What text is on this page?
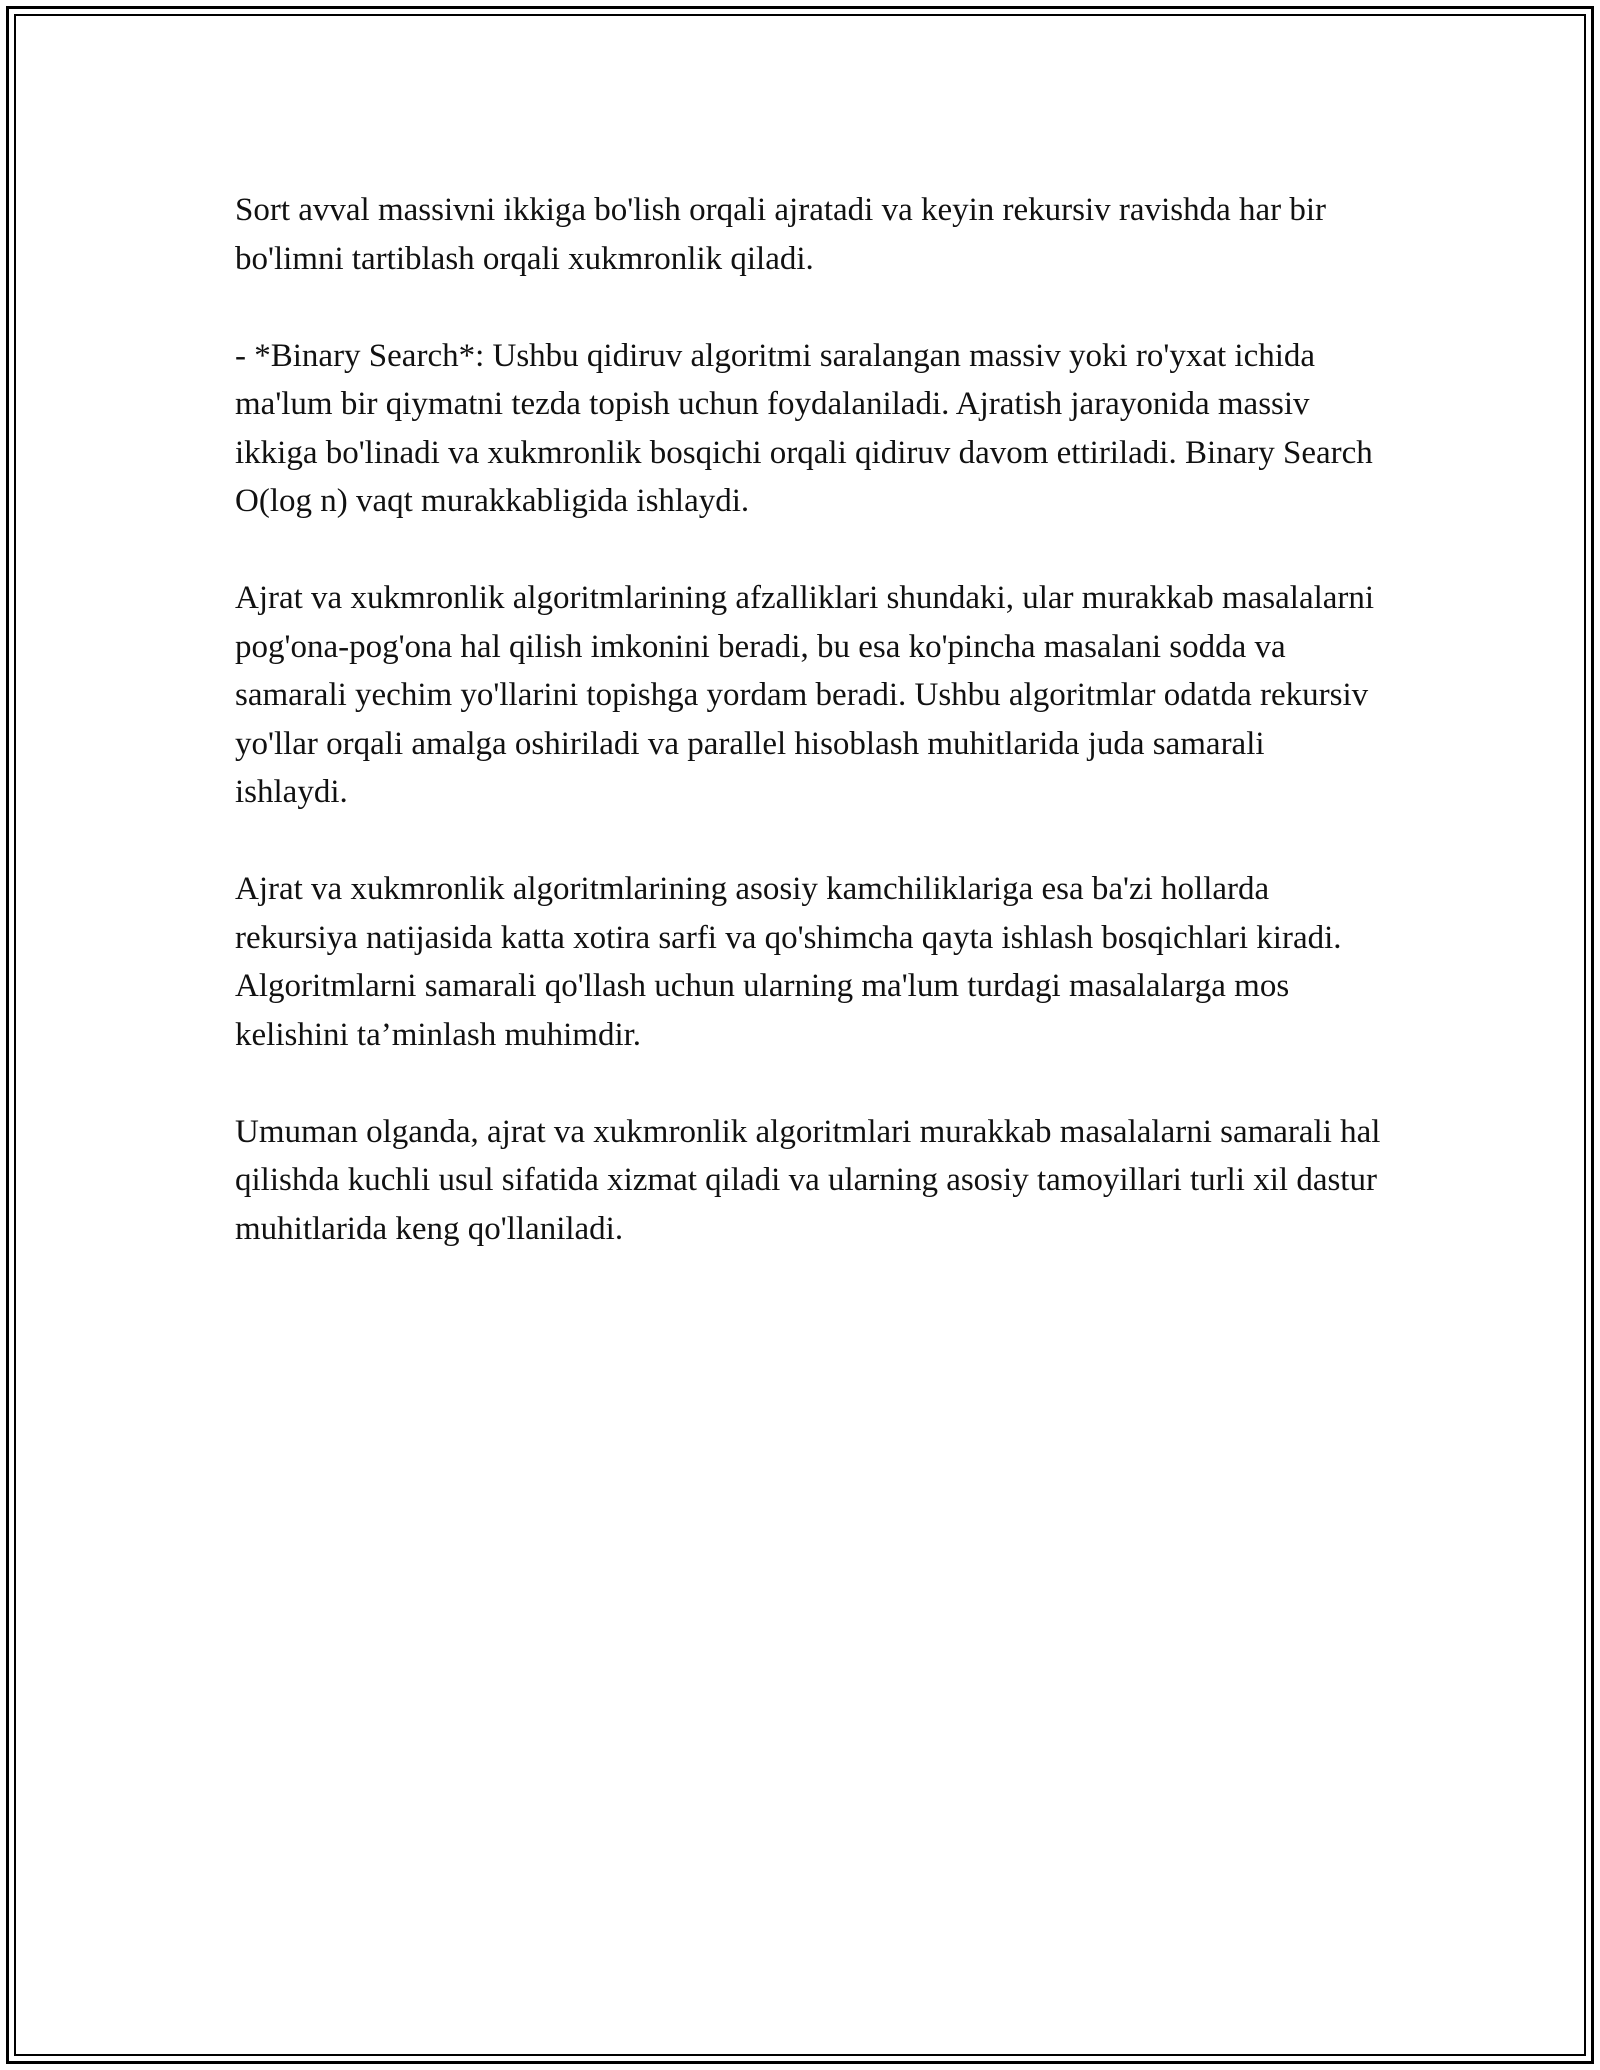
Sort avval massivni ikkiga bo'lish orqali ajratadi va keyin rekursiv ravishda har bir bo'limni tartiblash orqali xukmronlik qiladi.

- *Binary Search*: Ushbu qidiruv algoritmi saralangan massiv yoki ro'yxat ichida ma'lum bir qiymatni tezda topish uchun foydalaniladi. Ajratish jarayonida massiv ikkiga bo'linadi va xukmronlik bosqichi orqali qidiruv davom ettiriladi. Binary Search O(log n) vaqt murakkabligida ishlaydi.

Ajrat va xukmronlik algoritmlarining afzalliklari shundaki, ular murakkab masalalarni pog'ona-pog'ona hal qilish imkonini beradi, bu esa ko'pincha masalani sodda va samarali yechim yo'llarini topishga yordam beradi. Ushbu algoritmlar odatda rekursiv yo'llar orqali amalga oshiriladi va parallel hisoblash muhitlarida juda samarali ishlaydi.

Ajrat va xukmronlik algoritmlarining asosiy kamchiliklariga esa ba'zi hollarda rekursiya natijasida katta xotira sarfi va qo'shimcha qayta ishlash bosqichlari kiradi. Algoritmlarni samarali qo'llash uchun ularning ma'lum turdagi masalalarga mos kelishini ta’minlash muhimdir.

Umuman olganda, ajrat va xukmronlik algoritmlari murakkab masalalarni samarali hal qilishda kuchli usul sifatida xizmat qiladi va ularning asosiy tamoyillari turli xil dastur muhitlarida keng qo'llaniladi.
